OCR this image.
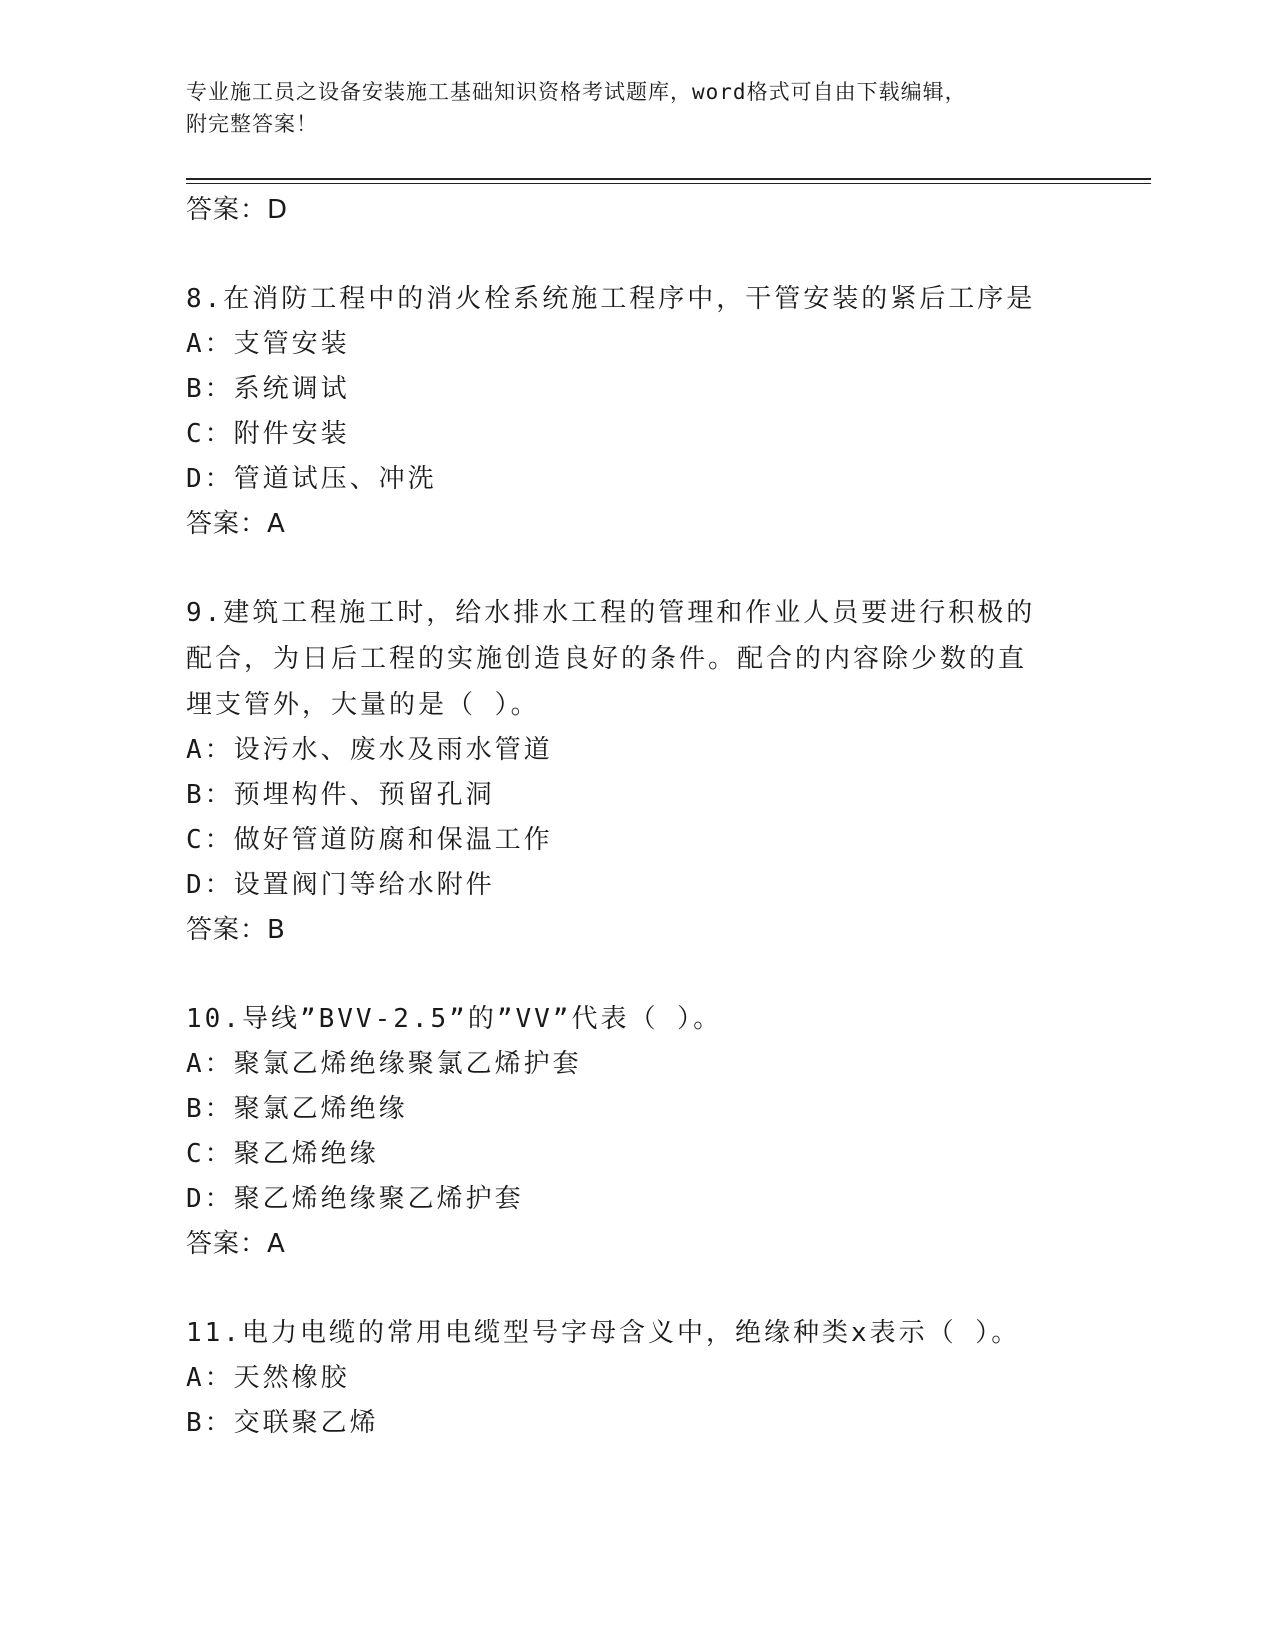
专业施工员之设备安装施工基础知识资格考试题库，word格式可自由下载编辑，
附完整答案！
答案：D
8.在消防工程中的消火栓系统施工程序中，干管安装的紧后工序是
A：支管安装
B：系统调试
C：附件安装
D：管道试压、冲洗
答案：A
9.建筑工程施工时，给水排水工程的管理和作业人员要进行积极的配合，为日后工程的实施创造良好的条件。配合的内容除少数的直埋支管外，大量的是（ ）。
A：设污水、废水及雨水管道
B：预埋构件、预留孔洞
C：做好管道防腐和保温工作
D：设置阀门等给水附件
答案：B
10.导线”BVV-2.5”的”VV”代表（ ）。
A：聚氯乙烯绝缘聚氯乙烯护套
B：聚氯乙烯绝缘
C：聚乙烯绝缘
D：聚乙烯绝缘聚乙烯护套
答案：A
11.电力电缆的常用电缆型号字母含义中，绝缘种类x表示（ ）。
A：天然橡胶
B：交联聚乙烯
